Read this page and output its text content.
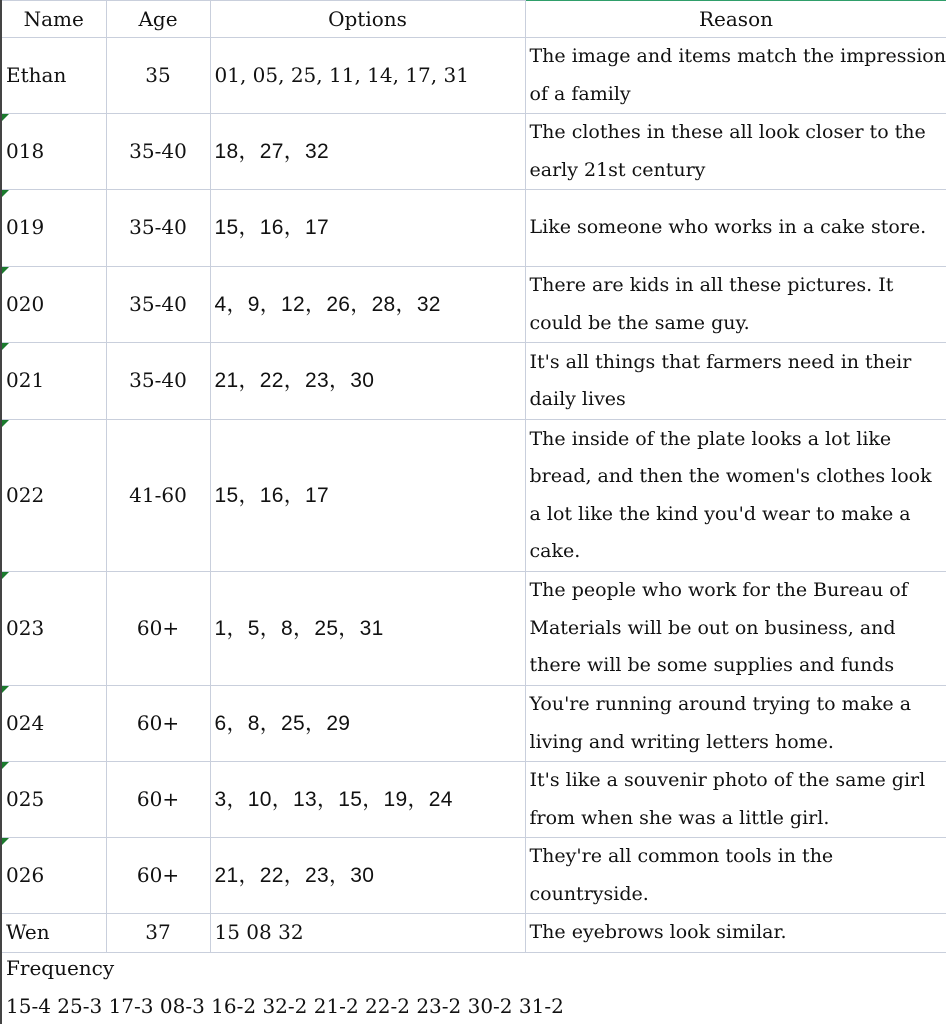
Name	Age	Options	Reason
Ethan	35	01, 05, 25, 11, 14, 17, 31	The image and items match the impression of a family

018	35-40	18，27，32	The clothes in these all look closer to the early 21st century

019	35-40	15，16，17	Like someone who works in a cake store.

020	35-40	4，9，12，26，28，32	There are kids in all these pictures. It could be the same guy.

021	35-40	21，22，23，30	It's all things that farmers need in their daily lives

022	41-60	15，16，17	The inside of the plate looks a lot like bread, and then the women's clothes look a lot like the kind you'd wear to make a cake.

023	60+	1，5，8，25，31	The people who work for the Bureau of Materials will be out on business, and there will be some supplies and funds

024	60+	6，8，25，29	You're running around trying to make a living and writing letters home.

025	60+	3，10，13，15，19，24	It's like a souvenir photo of the same girl from when she was a little girl.

026	60+	21，22，23，30	They're all common tools in the countryside.
Wen	37	15 08 32	The eyebrows look similar.
Frequency
15-4 25-3 17-3 08-3 16-2 32-2 21-2 22-2 23-2 30-2 31-2
